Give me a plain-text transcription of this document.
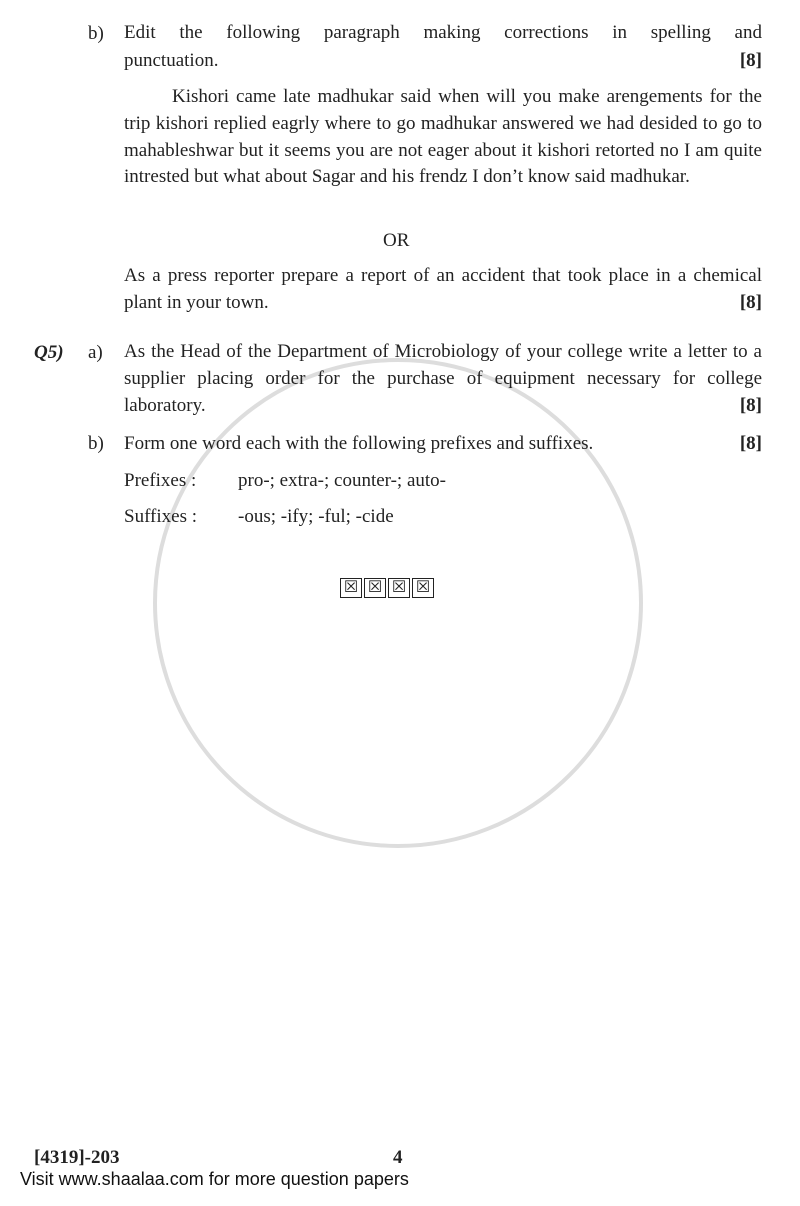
b) Edit the following paragraph making corrections in spelling and
punctuation.	[8]
Kishori came late madhukar said when will you make arengements for the trip kishori replied eagrly where to go madhukar answered we had desided to go to mahableshwar but it seems you are not eager about it kishori retorted no I am quite intrested but what about Sagar and his frendz I don’t know said madhukar.
OR
As a press reporter prepare a report of an accident that took place in a chemical plant in your town.	[8]
Q5) a) As the Head of the Department of Microbiology of your college write a letter to a supplier placing order for the purchase of equipment necessary for college laboratory.	[8]
b) Form one word each with the following prefixes and suffixes.	[8]
Prefixes : pro-; extra-; counter-; auto-
Suffixes : -ous; -ify; -ful; -cide
☒ ☒ ☒ ☒
[4319]-203	4
Visit www.shaalaa.com for more question papers
